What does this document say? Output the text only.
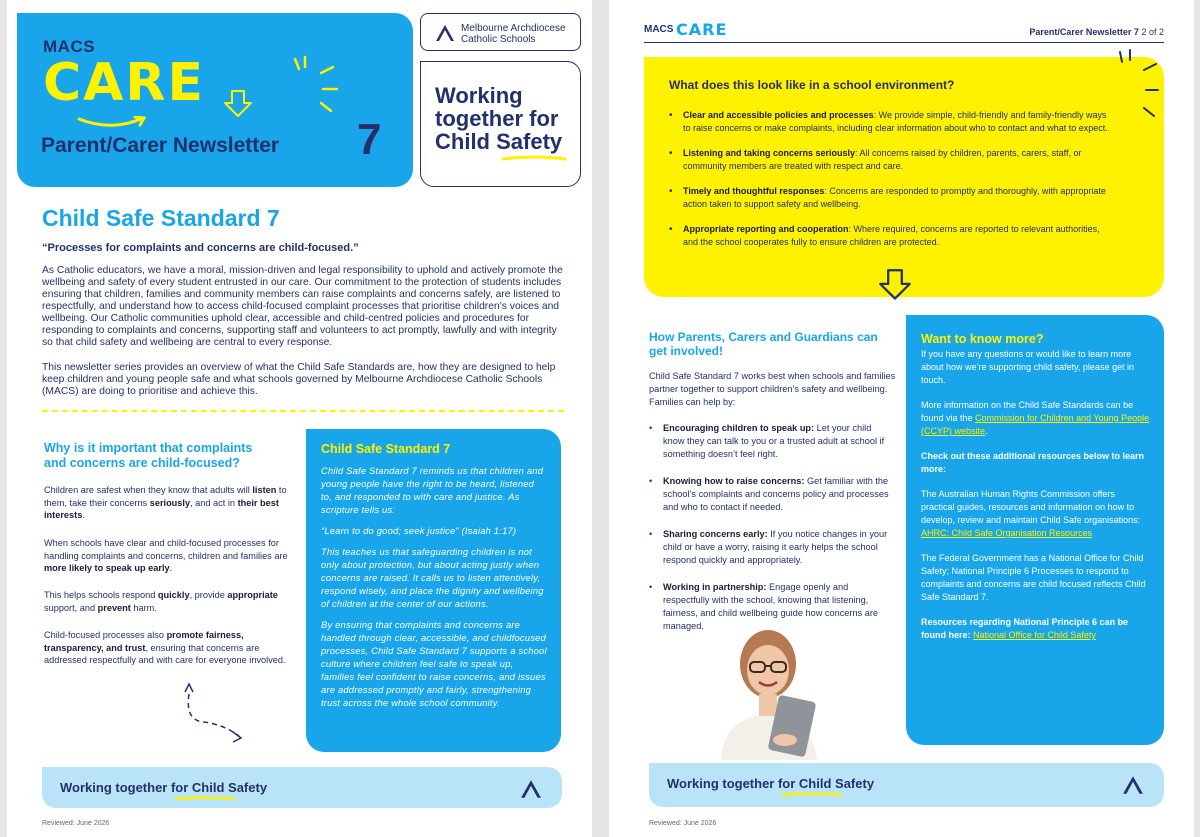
MACS
CARE
Parent/Carer Newsletter 7
Melbourne Archdiocese
Catholic Schools
Working
together for
Child Safety
Child Safe Standard 7
“Processes for complaints and concerns are child-focused.”
As Catholic educators, we have a moral, mission-driven and legal responsibility to uphold and actively promote the wellbeing and safety of every student entrusted in our care. Our commitment to the protection of students includes ensuring that children, families and community members can raise complaints and concerns safely, are listened to respectfully, and understand how to access child-focused complaint processes that prioritise children’s voices and wellbeing. Our Catholic communities uphold clear, accessible and child-centred policies and procedures for responding to complaints and concerns, supporting staff and volunteers to act promptly, lawfully and with integrity so that child safety and wellbeing are central to every response.
This newsletter series provides an overview of what the Child Safe Standards are, how they are designed to help keep children and young people safe and what schools governed by Melbourne Archdiocese Catholic Schools (MACS) are doing to prioritise and achieve this.
Why is it important that complaints and concerns are child-focused?
Children are safest when they know that adults will listen to them, take their concerns seriously, and act in their best interests.
When schools have clear and child-focused processes for handling complaints and concerns, children and families are more likely to speak up early.
This helps schools respond quickly, provide appropriate support, and prevent harm.
Child-focused processes also promote fairness, transparency, and trust, ensuring that concerns are addressed respectfully and with care for everyone involved.
Child Safe Standard 7
Child Safe Standard 7 reminds us that children and young people have the right to be heard, listened to, and responded to with care and justice. As scripture tells us:
“Learn to do good; seek justice” (Isaiah 1:17)
This teaches us that safeguarding children is not only about protection, but about acting justly when concerns are raised. It calls us to listen attentively, respond wisely, and place the dignity and wellbeing of children at the center of our actions.
By ensuring that complaints and concerns are handled through clear, accessible, and childfocused processes, Child Safe Standard 7 supports a school culture where children feel safe to speak up, families feel confident to raise concerns, and issues are addressed promptly and fairly, strengthening trust across the whole school community.
Working together for Child Safety
Reviewed: June 2026
MACS CARE	Parent/Carer Newsletter 7 2 of 2
What does this look like in a school environment?
• Clear and accessible policies and processes: We provide simple, child-friendly and family-friendly ways to raise concerns or make complaints, including clear information about who to contact and what to expect.
• Listening and taking concerns seriously: All concerns raised by children, parents, carers, staff, or community members are treated with respect and care.
• Timely and thoughtful responses: Concerns are responded to promptly and thoroughly, with appropriate action taken to support safety and wellbeing.
• Appropriate reporting and cooperation: Where required, concerns are reported to relevant authorities, and the school cooperates fully to ensure children are protected.
How Parents, Carers and Guardians can get involved!
Child Safe Standard 7 works best when schools and families partner together to support children’s safety and wellbeing. Families can help by:
• Encouraging children to speak up: Let your child know they can talk to you or a trusted adult at school if something doesn’t feel right.
• Knowing how to raise concerns: Get familiar with the school’s complaints and concerns policy and processes and who to contact if needed.
• Sharing concerns early: If you notice changes in your child or have a worry, raising it early helps the school respond quickly and appropriately.
• Working in partnership: Engage openly and respectfully with the school, knowing that listening, fairness, and child wellbeing guide how concerns are managed.
Want to know more?
If you have any questions or would like to learn more about how we’re supporting child safety, please get in touch.
More information on the Child Safe Standards can be found via the Commission for Children and Young People (CCYP) website.
Check out these additional resources below to learn more:
The Australian Human Rights Commission offers practical guides, resources and information on how to develop, review and maintain Child Safe organisations: AHRC: Child Safe Organisation Resources
The Federal Government has a National Office for Child Safety; National Principle 6 Processes to respond to complaints and concerns are child focused reflects Child Safe Standard 7.
Resources regarding National Principle 6 can be found here: National Office for Child Safety
Working together for Child Safety
Reviewed: June 2026
